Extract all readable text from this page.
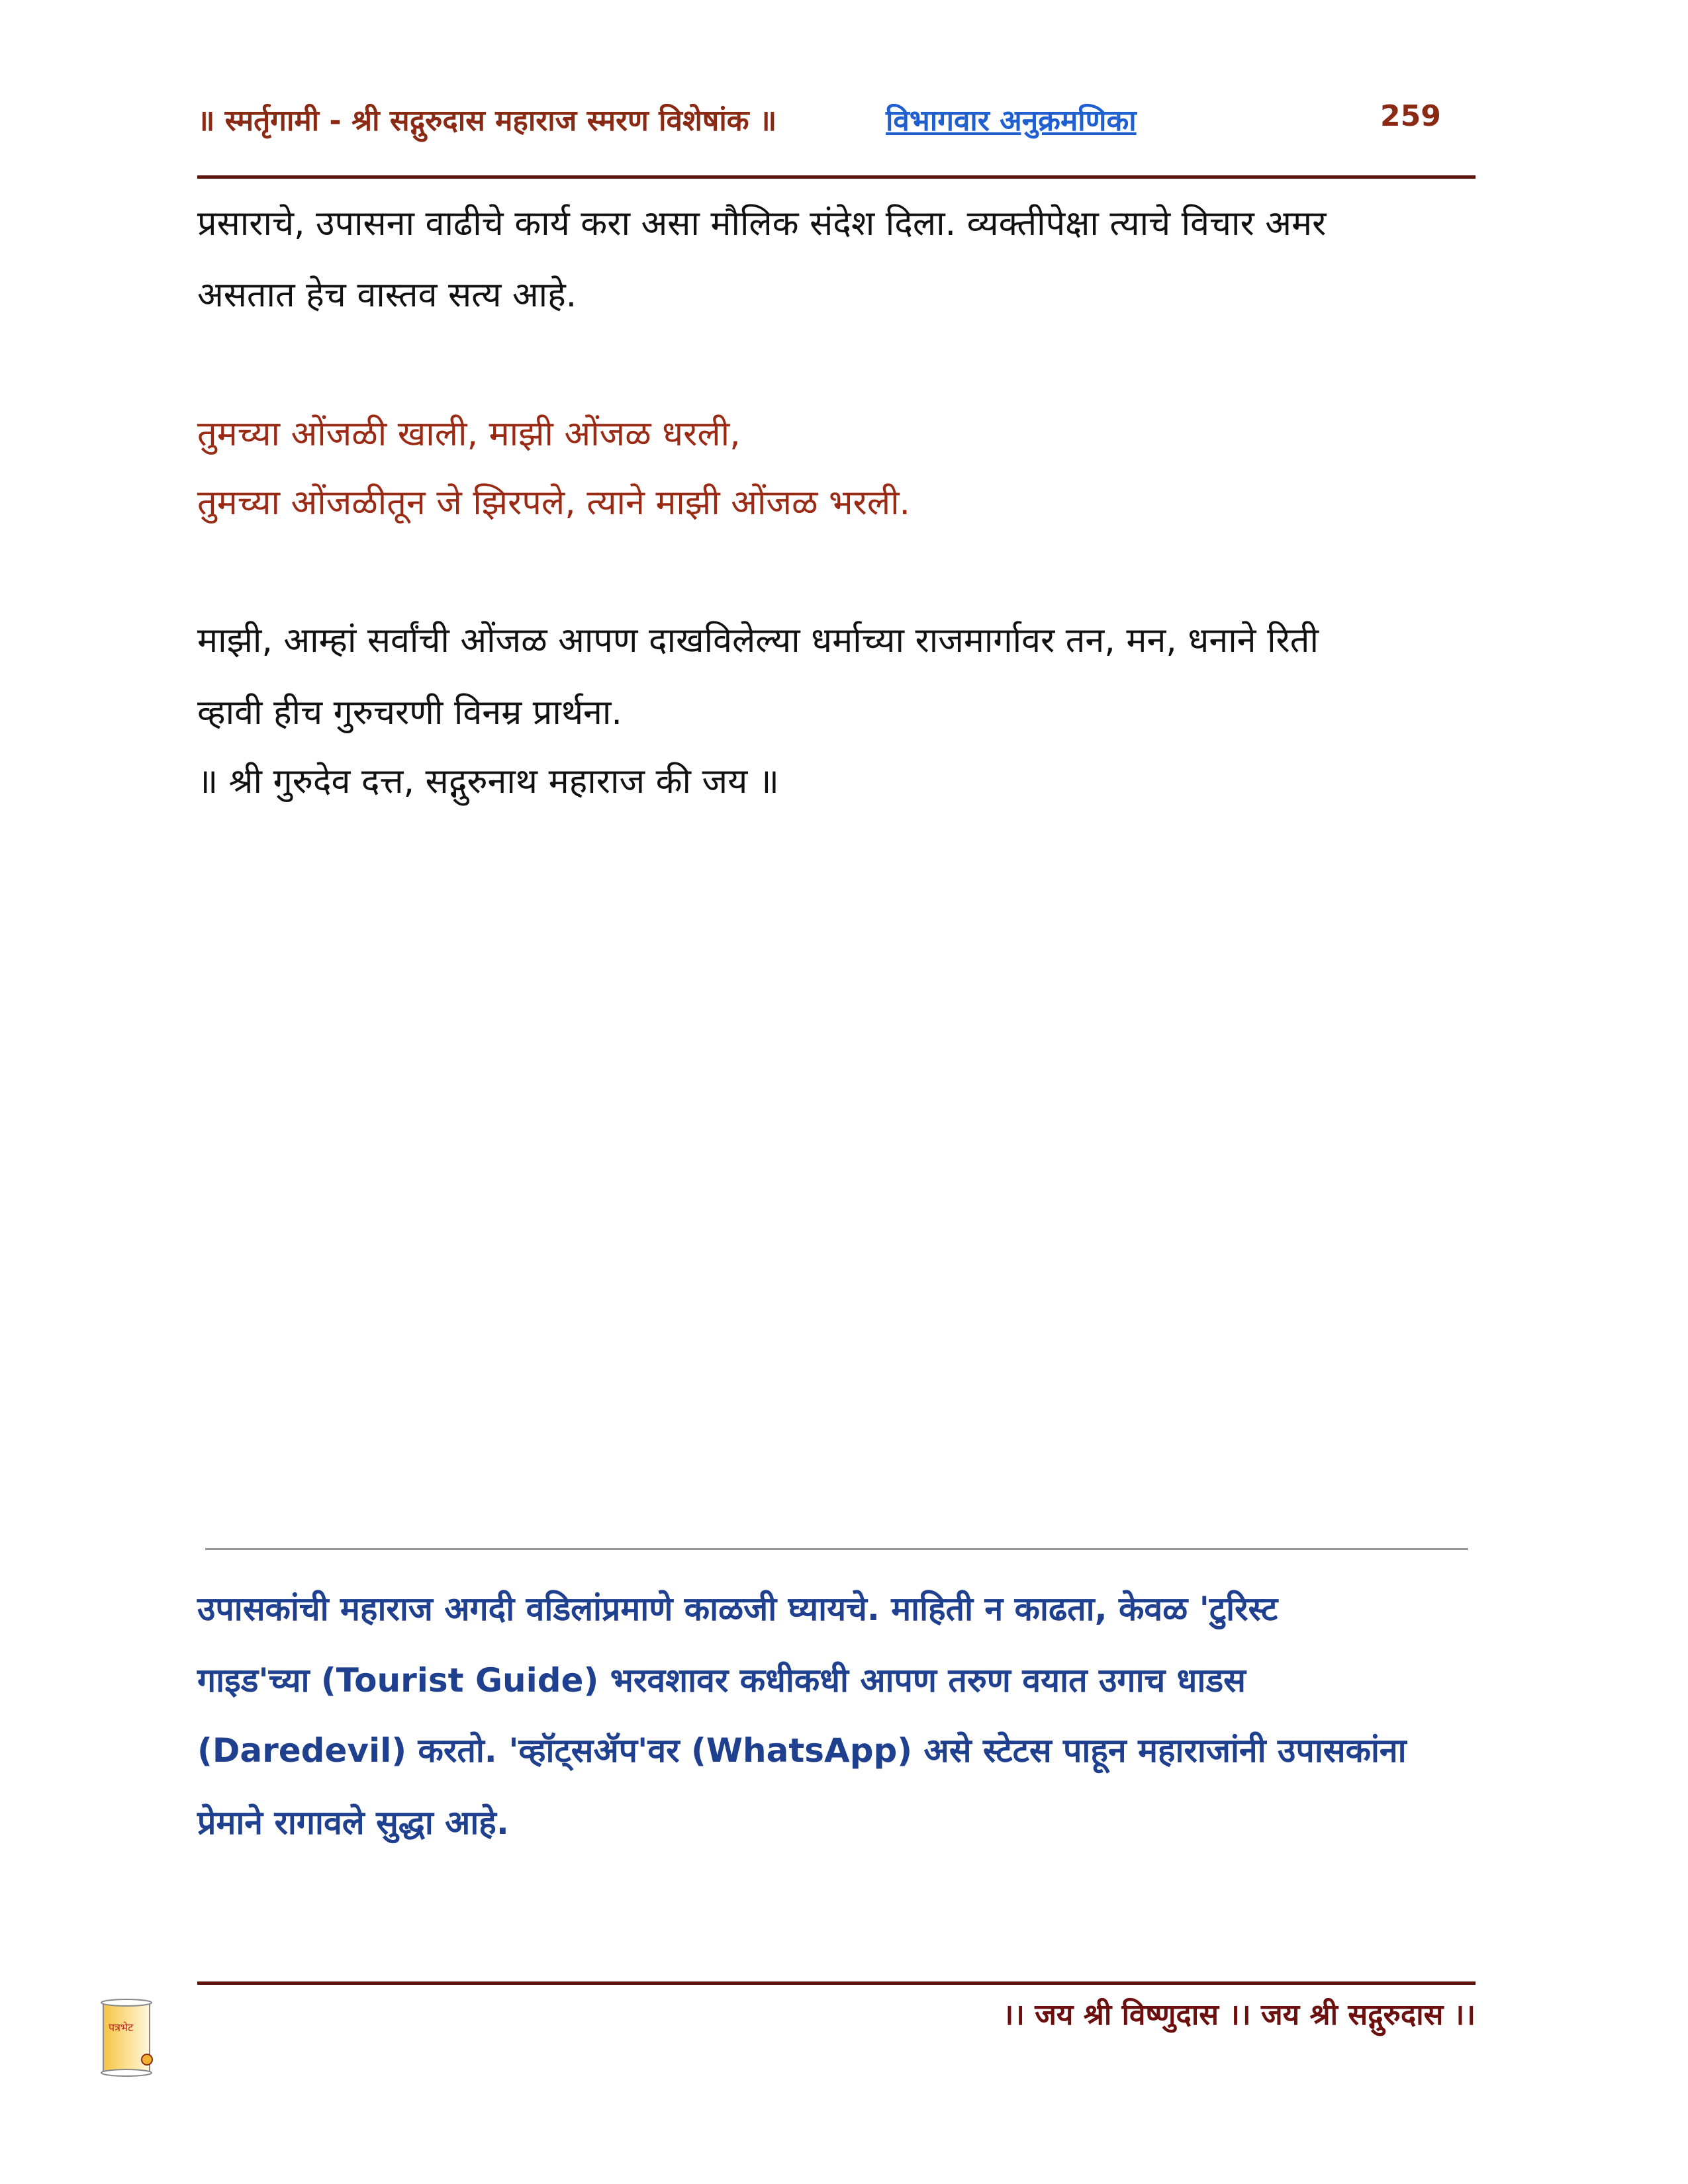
॥ स्मर्तृगामी - श्री सद्गुरुदास महाराज स्मरण विशेषांक ॥	विभागवार अनुक्रमणिका	259
प्रसाराचे, उपासना वाढीचे कार्य करा असा मौलिक संदेश दिला. व्यक्तीपेक्षा त्याचे विचार अमर
असतात हेच वास्तव सत्य आहे.
तुमच्या ओंजळी खाली, माझी ओंजळ धरली,
तुमच्या ओंजळीतून जे झिरपले, त्याने माझी ओंजळ भरली.
माझी, आम्हां सर्वांची ओंजळ आपण दाखविलेल्या धर्माच्या राजमार्गावर तन, मन, धनाने रिती
व्हावी हीच गुरुचरणी विनम्र प्रार्थना.
॥ श्री गुरुदेव दत्त, सद्गुरुनाथ महाराज की जय ॥
उपासकांची महाराज अगदी वडिलांप्रमाणे काळजी घ्यायचे. माहिती न काढता, केवळ 'टुरिस्ट
गाइड'च्या (Tourist Guide) भरवशावर कधीकधी आपण तरुण वयात उगाच धाडस
(Daredevil) करतो. 'व्हॉट्सॲप'वर (WhatsApp) असे स्टेटस पाहून महाराजांनी उपासकांना
प्रेमाने रागावले सुद्धा आहे.
।। जय श्री विष्णुदास ।। जय श्री सद्गुरुदास ।।
पत्रभेट
